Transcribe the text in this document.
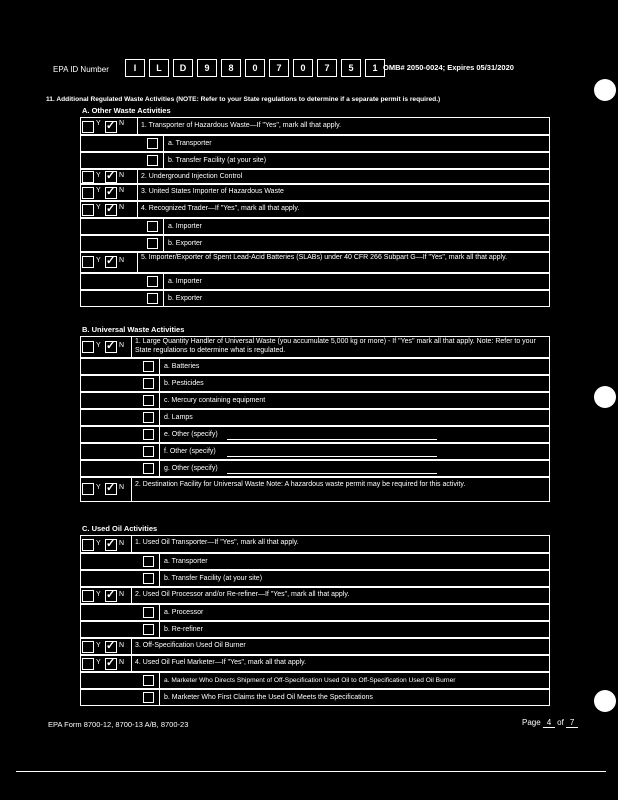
EPA ID Number	I	L	D	9	8	0	7	0	7	5	1 OMB# 2050-0024; Expires 05/31/2020
11. Additional Regulated Waste Activities (NOTE: Refer to your State regulations to determine if a separate permit is required.)
A. Other Waste Activities
Y ✓ N 1. Transporter of Hazardous Waste—If "Yes", mark all that apply.
a. Transporter
b. Transfer Facility (at your site)
Y ✓ N 2. Underground Injection Control
Y ✓ N 3. United States Importer of Hazardous Waste
Y ✓ N 4. Recognized Trader—If "Yes", mark all that apply.
a. Importer
b. Exporter
Y ✓ N 5. Importer/Exporter of Spent Lead-Acid Batteries (SLABs) under 40 CFR 266 Subpart G—If "Yes", mark all that apply.
a. Importer
b. Exporter
B. Universal Waste Activities
Y ✓ N
1. Large Quantity Handler of Universal Waste (you accumulate 5,000 kg or more) - If "Yes" mark all that apply. Note: Refer to your State regulations to determine what is regulated.
a. Batteries
b. Pesticides
c. Mercury containing equipment
d. Lamps
e. Other (specify)
f. Other (specify)
g. Other (specify)
Y ✓ N 2. Destination Facility for Universal Waste Note: A hazardous waste permit may be required for this activity.
C. Used Oil Activities
Y ✓ N 1. Used Oil Transporter—If "Yes", mark all that apply.
a. Transporter
b. Transfer Facility (at your site)
Y ✓ N 2. Used Oil Processor and/or Re-refiner—If "Yes", mark all that apply.
a. Processor
b. Re-refiner
Y ✓ N 3. Off-Specification Used Oil Burner
Y ✓ N 4. Used Oil Fuel Marketer—If "Yes", mark all that apply.
a. Marketer Who Directs Shipment of Off-Specification Used Oil to Off-Specification Used Oil Burner
b. Marketer Who First Claims the Used Oil Meets the Specifications
EPA Form 8700-12, 8700-13 A/B, 8700-23	Page 4 of 7
